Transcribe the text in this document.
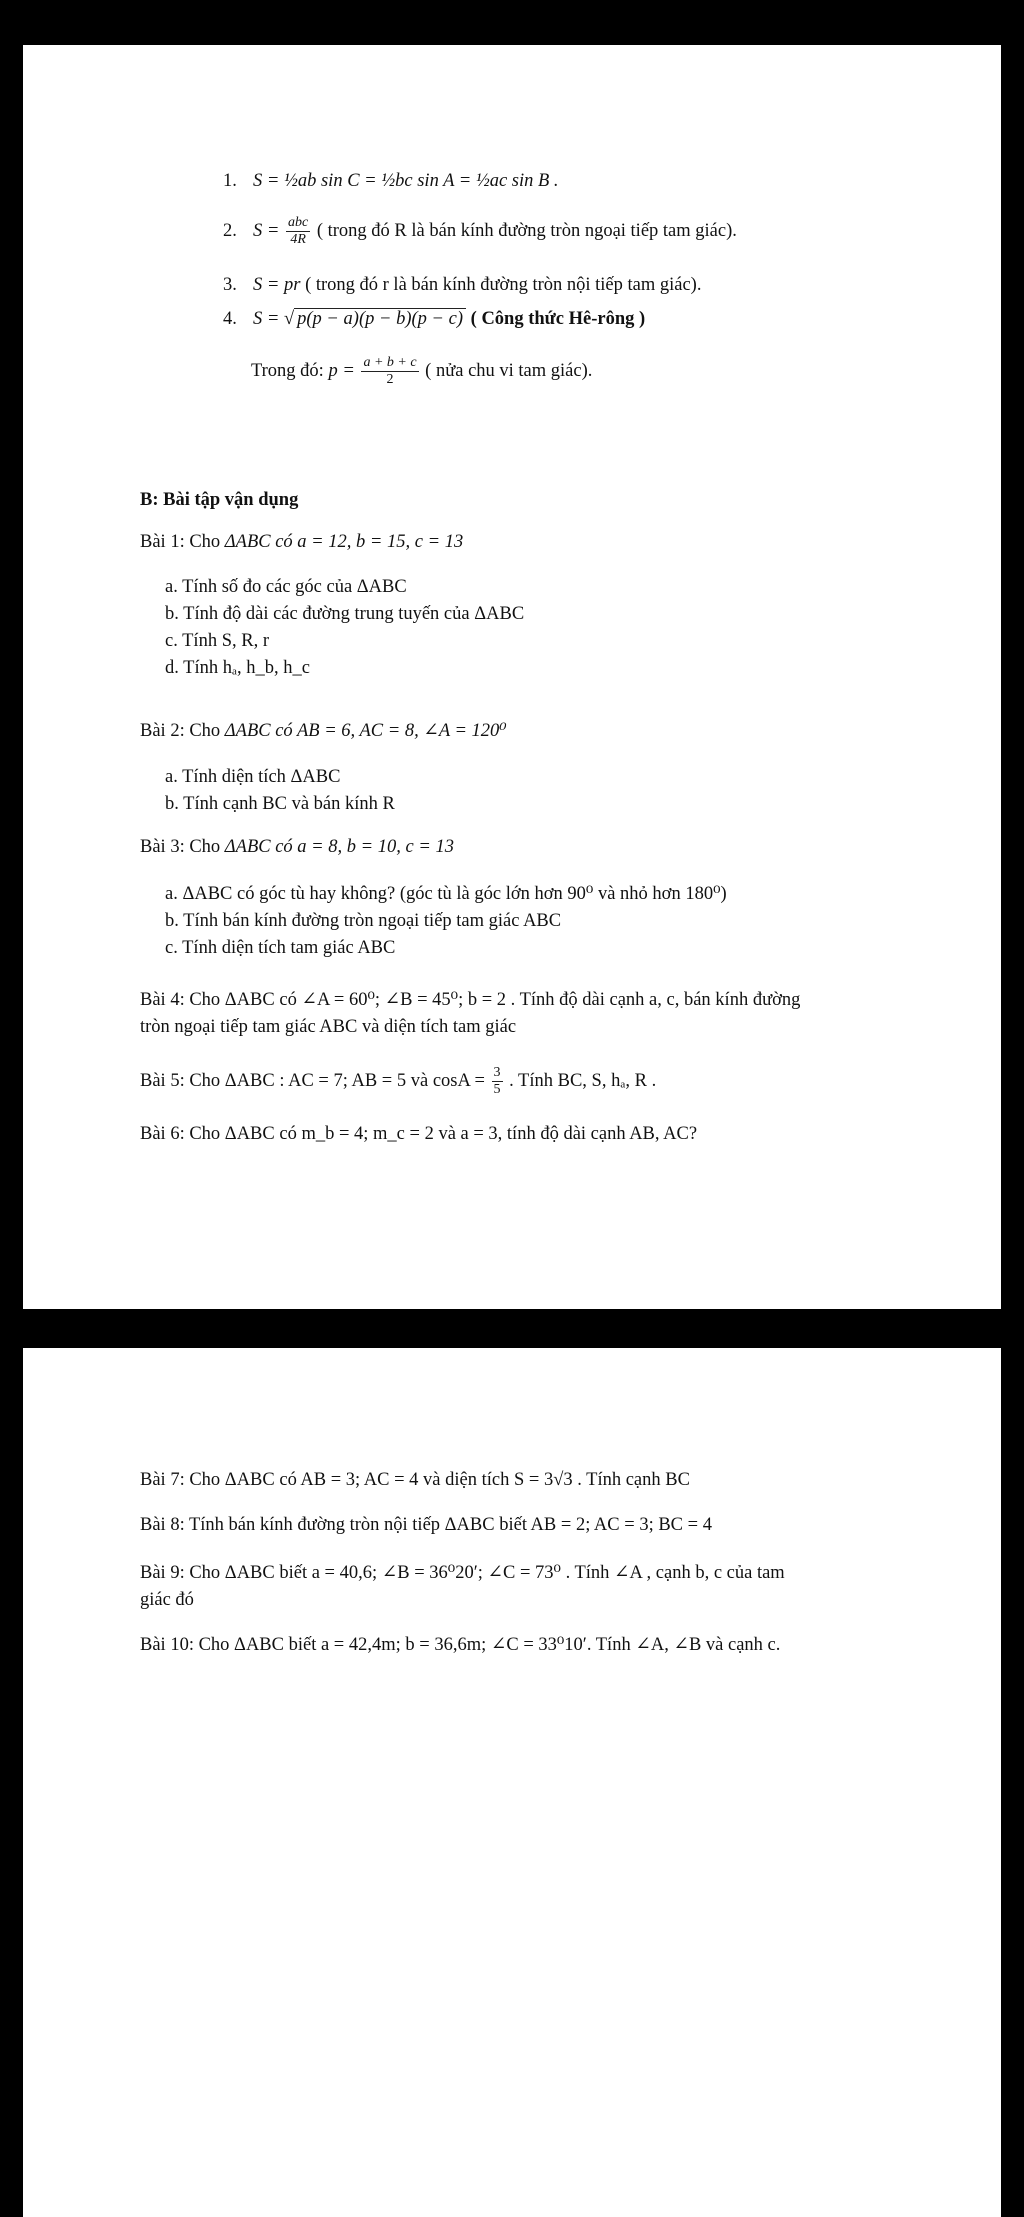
1. S = ½ab sin C = ½bc sin A = ½ac sin B .
2. $S = \frac{\text{abc}}{4R}$ ( trong đó R là bán kính đường tròn ngoại tiếp tam giác).
3. S = pr ( trong đó r là bán kính đường tròn nội tiếp tam giác).
4. S = √ p(p − a)(p − b)(p − c) ( Công thức Hê-rông )
Trong đó: $p = \frac{a + b + c}{2}$ ( nửa chu vi tam giác).
B: Bài tập vận dụng
Bài 1: Cho ΔABC có a = 12, b = 15, c = 13
a. Tính số đo các góc của ΔABC
b. Tính độ dài các đường trung tuyến của ΔABC
c. Tính S, R, r
d. Tính hₐ, h_b, h_c
Bài 2: Cho ΔABC có AB = 6, AC = 8, ∠A = 120⁰
a. Tính diện tích ΔABC
b. Tính cạnh BC và bán kính R
Bài 3: Cho ΔABC có a = 8, b = 10, c = 13
a. ΔABC có góc tù hay không? (góc tù là góc lớn hơn 90⁰ và nhỏ hơn 180⁰)
b. Tính bán kính đường tròn ngoại tiếp tam giác ABC
c. Tính diện tích tam giác ABC
Bài 4: Cho ΔABC có ∠A = 60⁰; ∠B = 45⁰; b = 2 . Tính độ dài cạnh a, c, bán kính đường
tròn ngoại tiếp tam giác ABC và diện tích tam giác
Bài 5: Cho ΔABC : AC = 7; AB = 5 và $\cos A = \frac{3}{5}$ . Tính BC, S, hₐ, R .
Bài 6: Cho ΔABC có m_b = 4; m_c = 2 và a = 3, tính độ dài cạnh AB, AC?
Bài 7: Cho ΔABC có AB = 3; AC = 4 và diện tích S = 3√3 . Tính cạnh BC
Bài 8: Tính bán kính đường tròn nội tiếp ΔABC biết AB = 2; AC = 3; BC = 4
Bài 9: Cho ΔABC biết a = 40,6; ∠B = 36⁰20′; ∠C = 73⁰ . Tính ∠A , cạnh b, c của tam
giác đó
Bài 10: Cho ΔABC biết a = 42,4m; b = 36,6m; ∠C = 33⁰10′. Tính ∠A, ∠B và cạnh c.
